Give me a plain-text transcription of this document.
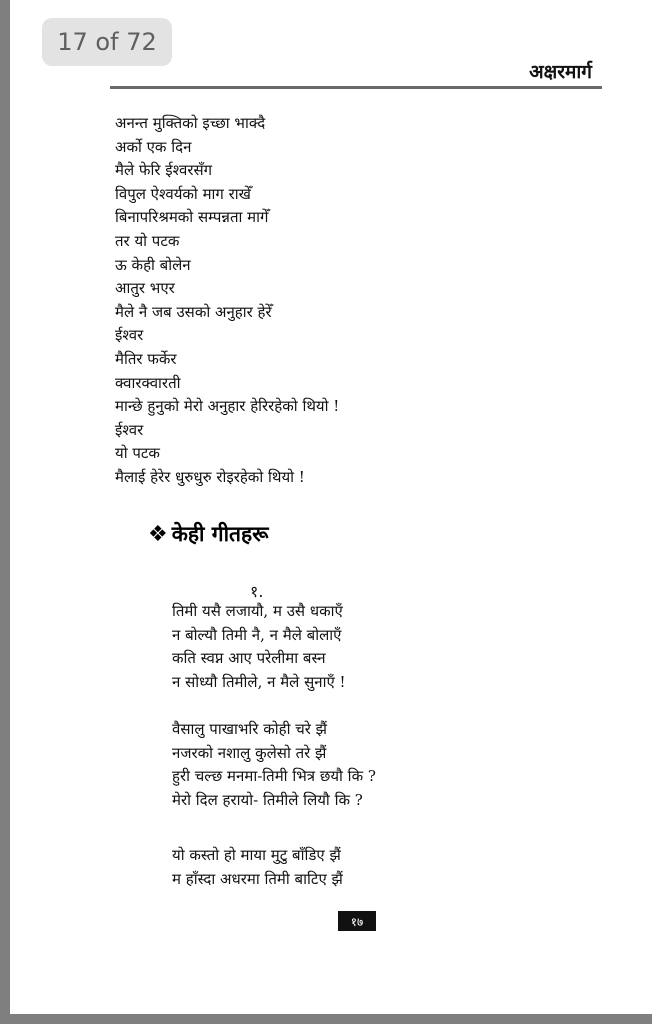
17 of 72
अक्षरमार्ग
अनन्त मुक्तिको इच्छा भाक्दै
अर्को एक दिन
मैले फेरि ईश्वरसँग
विपुल ऐश्वर्यको माग राखेँ
बिनापरिश्रमको सम्पन्नता मागेँ
तर यो पटक
ऊ केही बोलेन
आतुर भएर
मैले नै जब उसको अनुहार हेरेँ
ईश्वर
मैतिर फर्केर
क्वारक्वारती
मान्छे हुनुको मेरो अनुहार हेरिरहेको थियो !
ईश्वर
यो पटक
मैलाई हेरेर धुरुधुरु रोइरहेको थियो !
❖ केही गीतहरू
१.
तिमी यसै लजायौ, म उसै धकाएँ
न बोल्यौ तिमी नै, न मैले बोलाएँ
कति स्वप्न आए परेलीमा बस्न
न सोध्यौ तिमीले, न मैले सुनाएँ !
वैसालु पाखाभरि कोही चरे झैं
नजरको नशालु कुलेसो तरे झैं
हुरी चल्छ मनमा-तिमी भित्र छयौ कि ?
मेरो दिल हरायो- तिमीले लियौ कि ?
यो कस्तो हो माया मुटु बाँडिए झैं
म हाँस्दा अधरमा तिमी बाटिए झैं
१७
